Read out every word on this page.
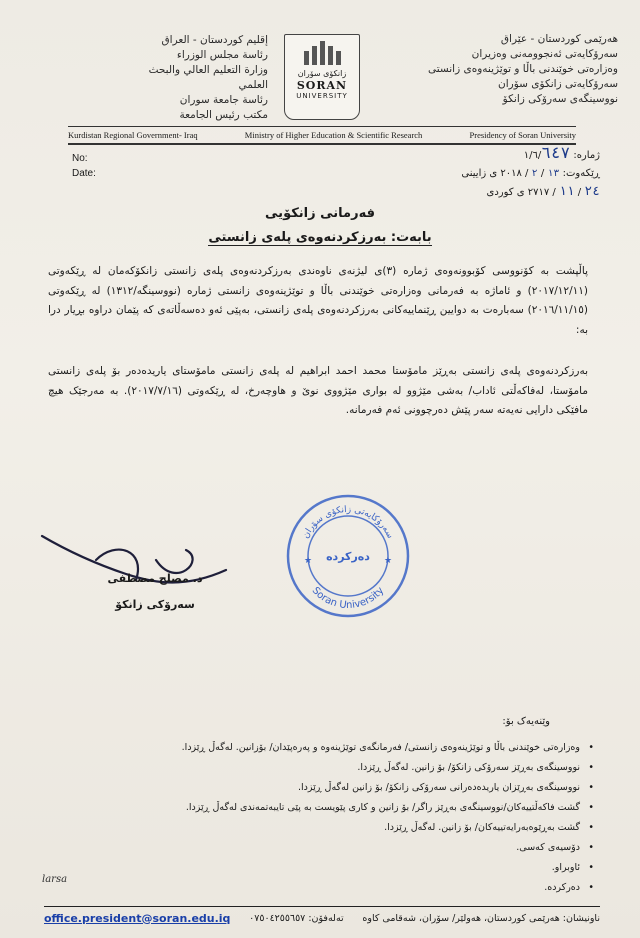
هەرێمی کوردستان - عێراق
سەرۆکایەتی ئەنجوومەنی وەزیران
وەزارەتی خوێندنی باڵا و توێژینەوەی زانستی
سەرۆکایەتی زانکۆی سۆران
نووسینگەی سەرۆکی زانکۆ
زانکۆی سۆران
SORAN
UNIVERSITY
إقليم كوردستان - العراق
رئاسة مجلس الوزراء
وزارة التعليم العالي والبحث العلمي
رئاسة جامعة سوران
مكتب رئيس الجامعة
Kurdistan Regional Government- Iraq	Ministry of Higher Education & Scientific Research	Presidency of Soran University
No:
Date:
ژمارە: ١/٦/٦٤٧
ڕێکەوت: ١٣ / ٢ / ٢٠١٨ ی زایینی
٢٤ / ١١ / ٢٧١٧ ی کوردی
فەرمانی زانکۆیی
بابەت: بەرزکردنەوەی پلەی زانستی
پاڵپشت بە کۆنووسی کۆبوونەوەی ژمارە (٣)ی لیژنەی ناوەندی بەرزکردنەوەی پلەی زانستی زانکۆکەمان لە ڕێکەوتی (٢٠١٧/١٢/١١) و ئاماژە بە فەرمانی وەزارەتی خوێندنی باڵا و توێژینەوەی زانستی ژمارە (نووسینگە/١٣١٢) لە ڕێکەوتی (٢٠١٦/١١/١٥) سەبارەت بە دوایین ڕێنماییەکانی بەرزکردنەوەی پلەی زانستی، بەپێی ئەو دەسەڵاتەی کە پێمان دراوە بڕیار درا بە:
بەرزکردنەوەی پلەی زانستی بەڕێز مامۆستا محمد احمد ابراهیم لە پلەی زانستی مامۆستای یاریدەدەر بۆ پلەی زانستی مامۆستا، لەفاکەڵتی ئاداب/ بەشی مێژوو لە بواری مێژووی نوێ و هاوچەرخ، لە ڕێکەوتی (٢٠١٧/٧/١٦). بە مەرجێک هیچ مافێکی دارایی نەیەتە سەر پێش دەرچوونی ئەم فەرمانە.
د. مصلح مصطفى
سەرۆکی زانکۆ
سەرۆکایەتی زانکۆی سۆران
Soran University
دەرکردە
★	★
وێنەیەک بۆ:
• وەزارەتی خوێندنی باڵا و توێژینەوەی زانستی/ فەرمانگەی توێژینەوە و پەرەپێدان/ بۆزانین. لەگەڵ ڕێزدا.
• نووسینگەی بەڕێز سەرۆکی زانکۆ/ بۆ زانین. لەگەڵ ڕێزدا.
• نووسینگەی بەڕێزان یاریدەدەرانی سەرۆکی زانکۆ/ بۆ زانین لەگەڵ ڕێزدا.
• گشت فاکەڵتییەکان/نووسینگەی بەڕێز راگر/ بۆ زانین و کاری پێویست بە پێی تایبەتمەندی لەگەڵ ڕێزدا.
• گشت بەڕێوەبەرایەتییەکان/ بۆ زانین. لەگەڵ ڕێزدا.
• دۆسیەی کەسی.
• ئاوبراو.
• دەرکردە.
larsa
office.president@soran.edu.iq	تەلەفۆن: ٠٧٥٠٤٢٥٥٦٥٧	ناونیشان: هەرێمی کوردستان، هەولێر/ سۆران، شەقامی کاوە
